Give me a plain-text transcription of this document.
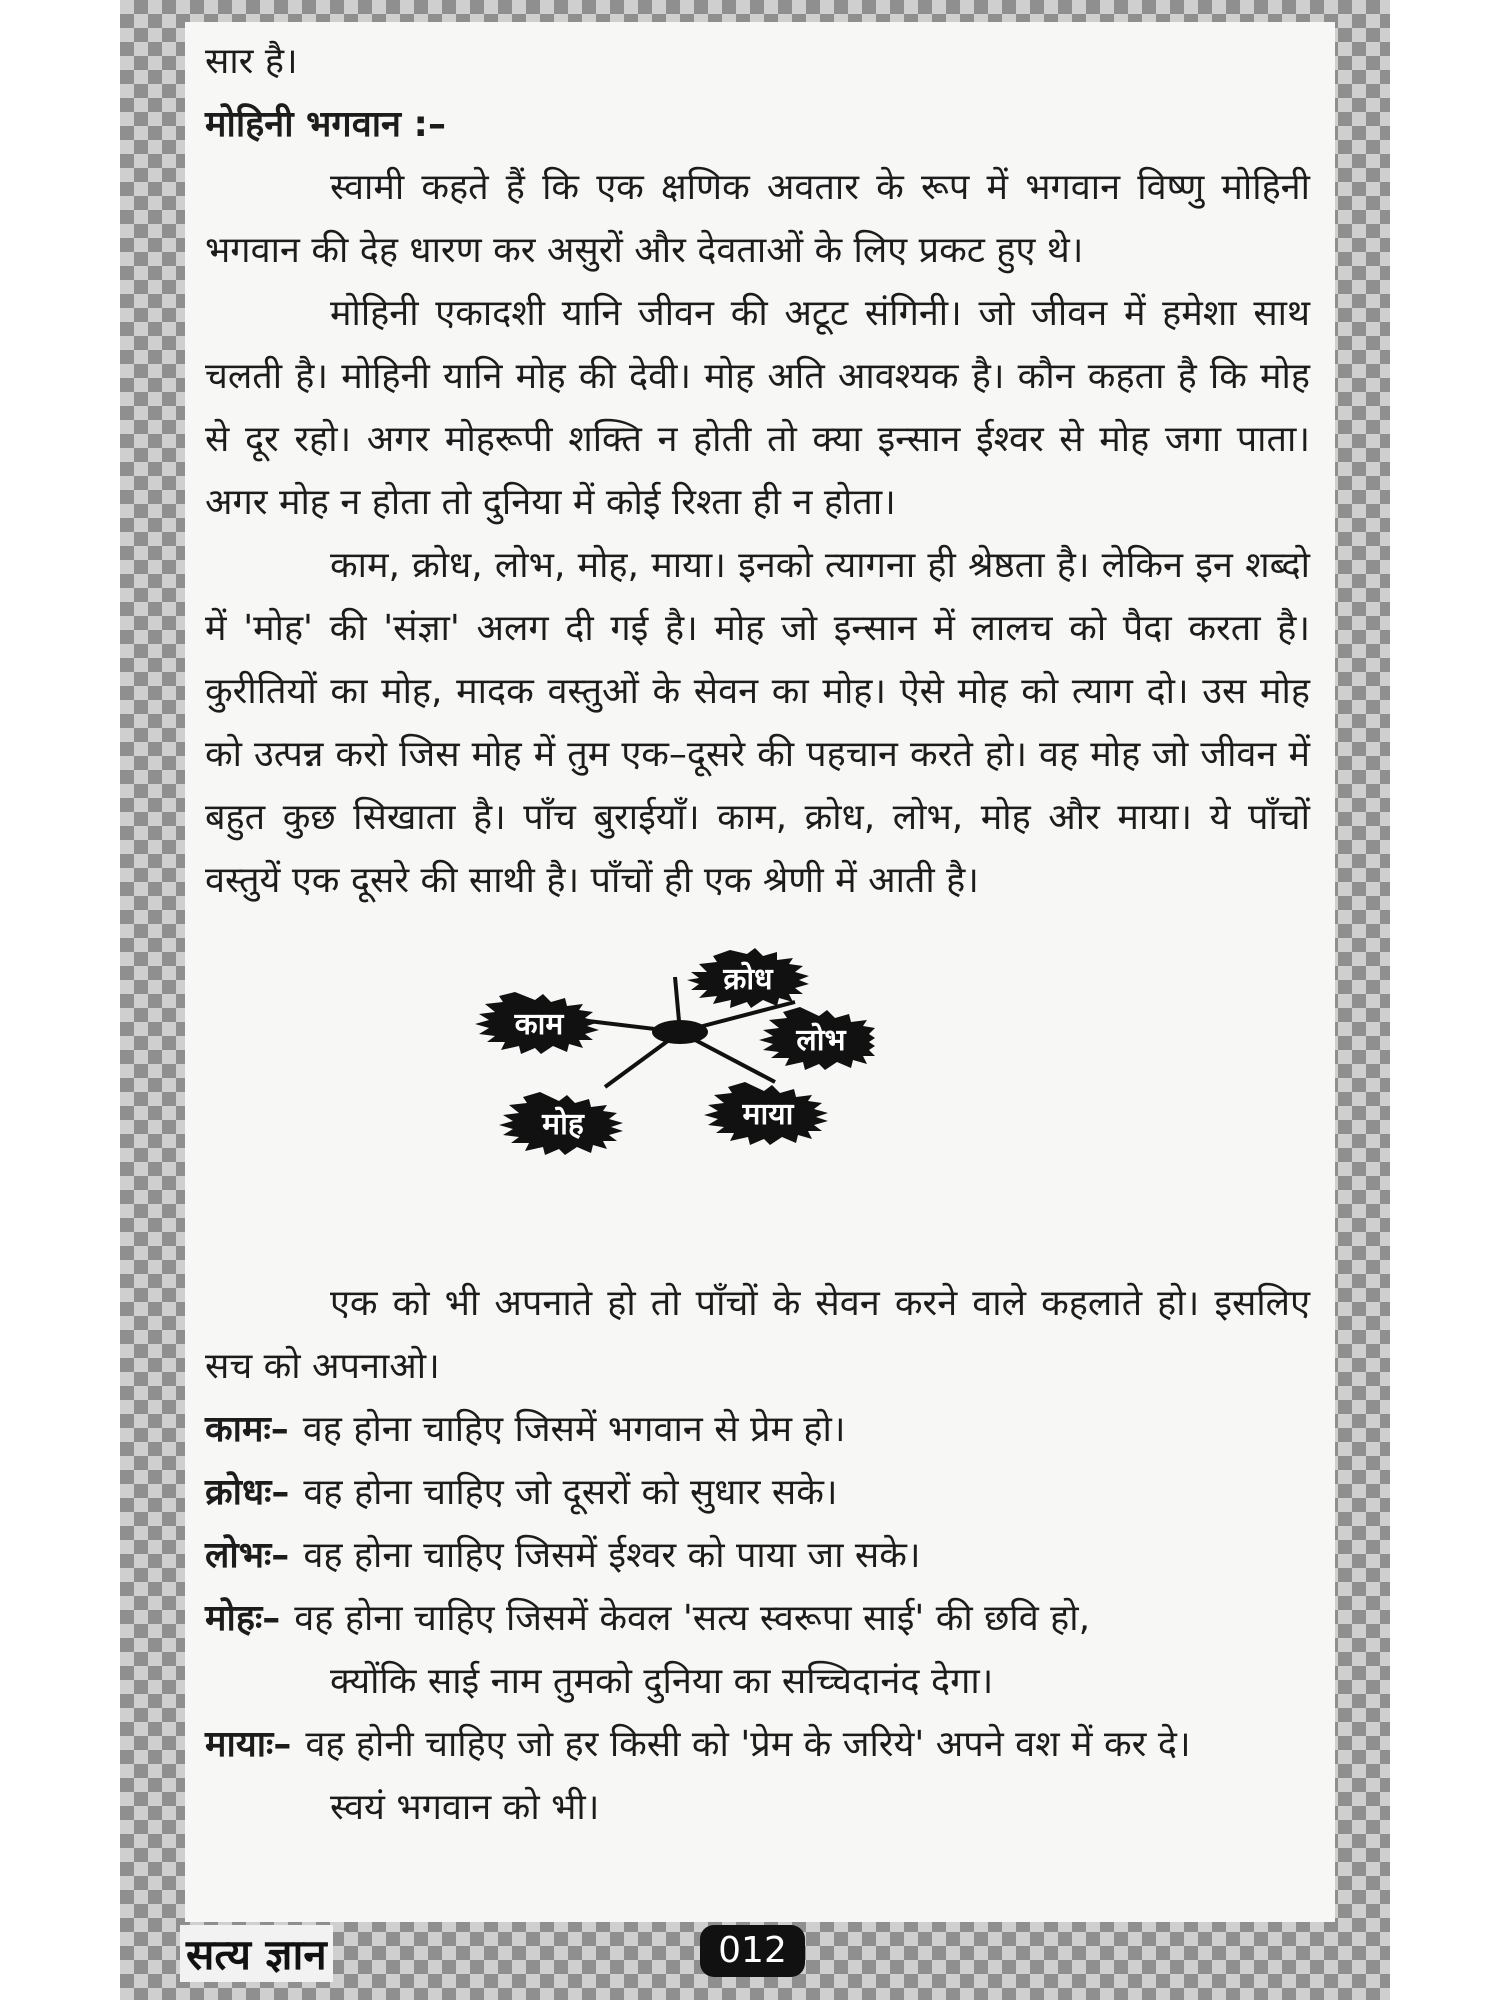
सार है।

मोहिनी भगवान :–

स्वामी कहते हैं कि एक क्षणिक अवतार के रूप में भगवान विष्णु मोहिनी भगवान की देह धारण कर असुरों और देवताओं के लिए प्रकट हुए थे।

मोहिनी एकादशी यानि जीवन की अटूट संगिनी। जो जीवन में हमेशा साथ चलती है। मोहिनी यानि मोह की देवी। मोह अति आवश्यक है। कौन कहता है कि मोह से दूर रहो। अगर मोहरूपी शक्ति न होती तो क्या इन्सान ईश्वर से मोह जगा पाता। अगर मोह न होता तो दुनिया में कोई रिश्ता ही न होता।

काम, क्रोध, लोभ, मोह, माया। इनको त्यागना ही श्रेष्ठता है। लेकिन इन शब्दो में 'मोह' की 'संज्ञा' अलग दी गई है। मोह जो इन्सान में लालच को पैदा करता है। कुरीतियों का मोह, मादक वस्तुओं के सेवन का मोह। ऐसे मोह को त्याग दो। उस मोह को उत्पन्न करो जिस मोह में तुम एक–दूसरे की पहचान करते हो। वह मोह जो जीवन में बहुत कुछ सिखाता है। पाँच बुराईयाँ। काम, क्रोध, लोभ, मोह और माया। ये पाँचों वस्तुयें एक दूसरे की साथी है। पाँचों ही एक श्रेणी में आती है।

क्रोध
काम	लोभ
मोह	माया

एक को भी अपनाते हो तो पाँचों के सेवन करने वाले कहलाते हो। इसलिए सच को अपनाओ।

कामः– वह होना चाहिए जिसमें भगवान से प्रेम हो।
क्रोधः– वह होना चाहिए जो दूसरों को सुधार सके।
लोभः– वह होना चाहिए जिसमें ईश्वर को पाया जा सके।
मोहः– वह होना चाहिए जिसमें केवल 'सत्य स्वरूपा साई' की छवि हो,

क्योंकि साई नाम तुमको दुनिया का सच्चिदानंद देगा।

मायाः– वह होनी चाहिए जो हर किसी को 'प्रेम के जरिये' अपने वश में कर दे।

स्वयं भगवान को भी।

सत्य ज्ञान	012
